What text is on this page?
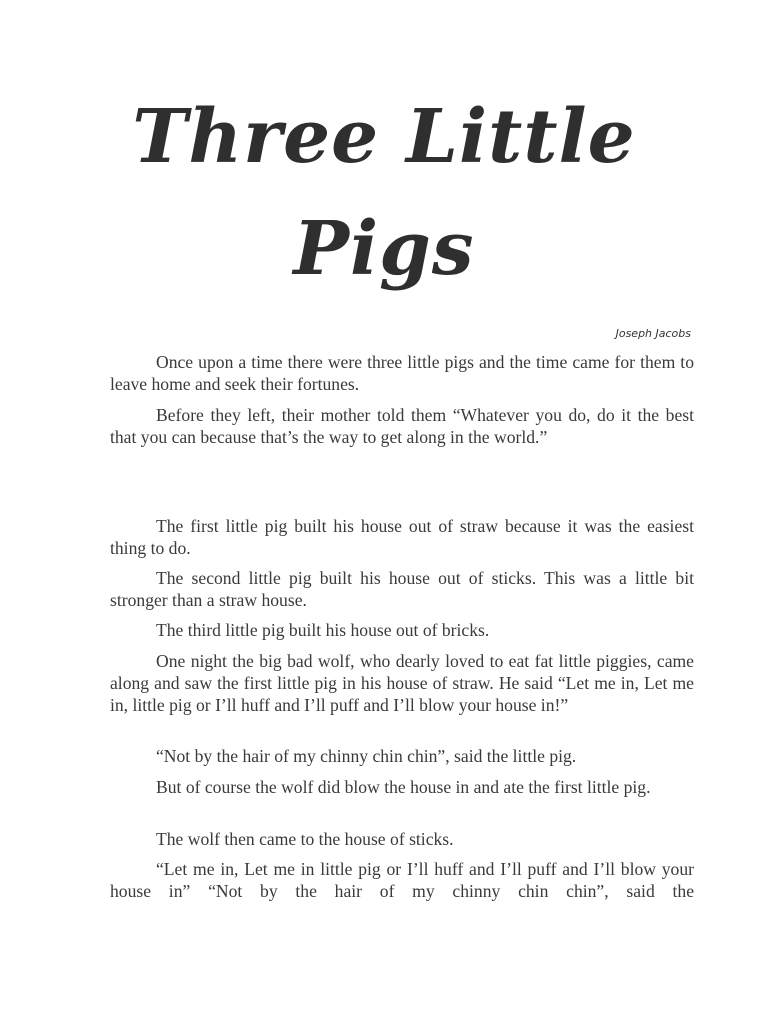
Three Little
Pigs

Joseph Jacobs

Once upon a time there were three little pigs and the time came for them to leave home and seek their fortunes.

Before they left, their mother told them “Whatever you do, do it the best that you can because that’s the way to get along in the world.”

The first little pig built his house out of straw because it was the easiest thing to do.

The second little pig built his house out of sticks. This was a little bit stronger than a straw house.

The third little pig built his house out of bricks.

One night the big bad wolf, who dearly loved to eat fat little piggies, came along and saw the first little pig in his house of straw. He said “Let me in, Let me in, little pig or I’ll huff and I’ll puff and I’ll blow your house in!”

“Not by the hair of my chinny chin chin”, said the little pig.

But of course the wolf did blow the house in and ate the first little pig.

The wolf then came to the house of sticks.

“Let me in, Let me in little pig or I’ll huff and I’ll puff and I’ll blow your house in” “Not by the hair of my chinny chin chin”, said the
